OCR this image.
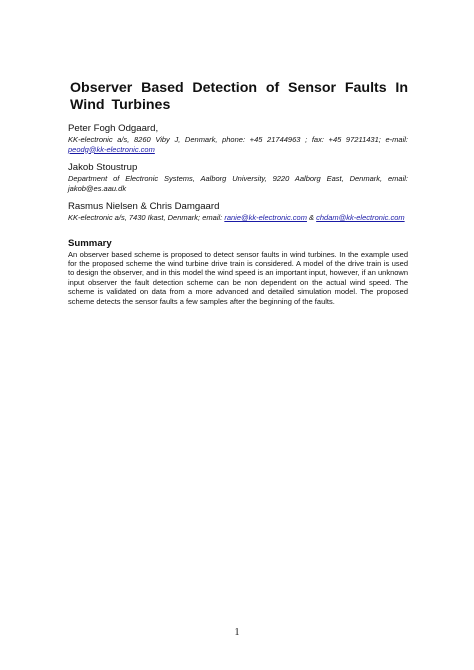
Observer Based Detection of Sensor Faults In Wind Turbines
Peter Fogh Odgaard,
KK-electronic a/s, 8260 Viby J, Denmark, phone: +45 21744963 ; fax: +45 97211431; e-mail: peodg@kk-electronic.com
Jakob Stoustrup
Department of Electronic Systems, Aalborg University, 9220 Aalborg East, Denmark, email: jakob@es.aau.dk
Rasmus Nielsen & Chris Damgaard
KK-electronic a/s, 7430 Ikast, Denmark; email: ranie@kk-electronic.com & chdam@kk-electronic.com
Summary
An observer based scheme is proposed to detect sensor faults in wind turbines. In the example used for the proposed scheme the wind turbine drive train is considered. A model of the drive train is used to design the observer, and in this model the wind speed is an important input, however, if an unknown input observer the fault detection scheme can be non dependent on the actual wind speed. The scheme is validated on data from a more advanced and detailed simulation model. The proposed scheme detects the sensor faults a few samples after the beginning of the faults.
1
